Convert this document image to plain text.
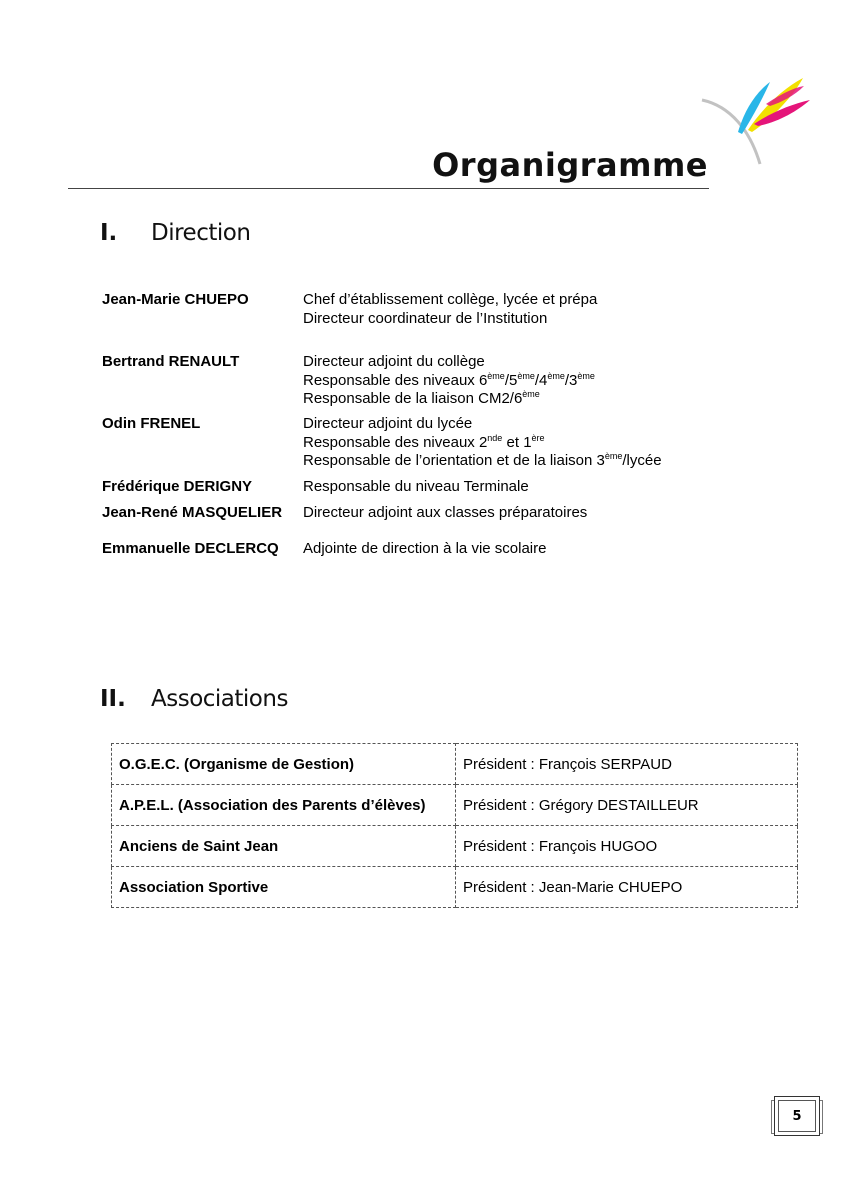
Organigramme
I. Direction
Jean-Marie CHUEPO	Chef d’établissement collège, lycée et prépa
Directeur coordinateur de l’Institution
Bertrand RENAULT	Directeur adjoint du collège
Responsable des niveaux 6ème/5ème/4ème/3ème
Responsable de la liaison CM2/6ème
Odin FRENEL	Directeur adjoint du lycée
Responsable des niveaux 2nde et 1ère
Responsable de l’orientation et de la liaison 3ème/lycée
Frédérique DERIGNY	Responsable du niveau Terminale
Jean-René MASQUELIER Directeur adjoint aux classes préparatoires
Emmanuelle DECLERCQ Adjointe de direction à la vie scolaire
II. Associations
O.G.E.C. (Organisme de Gestion)	Président : François SERPAUD
A.P.E.L. (Association des Parents d’élèves)	Président : Grégory DESTAILLEUR
Anciens de Saint Jean	Président : François HUGOO
Association Sportive	Président : Jean-Marie CHUEPO
5
